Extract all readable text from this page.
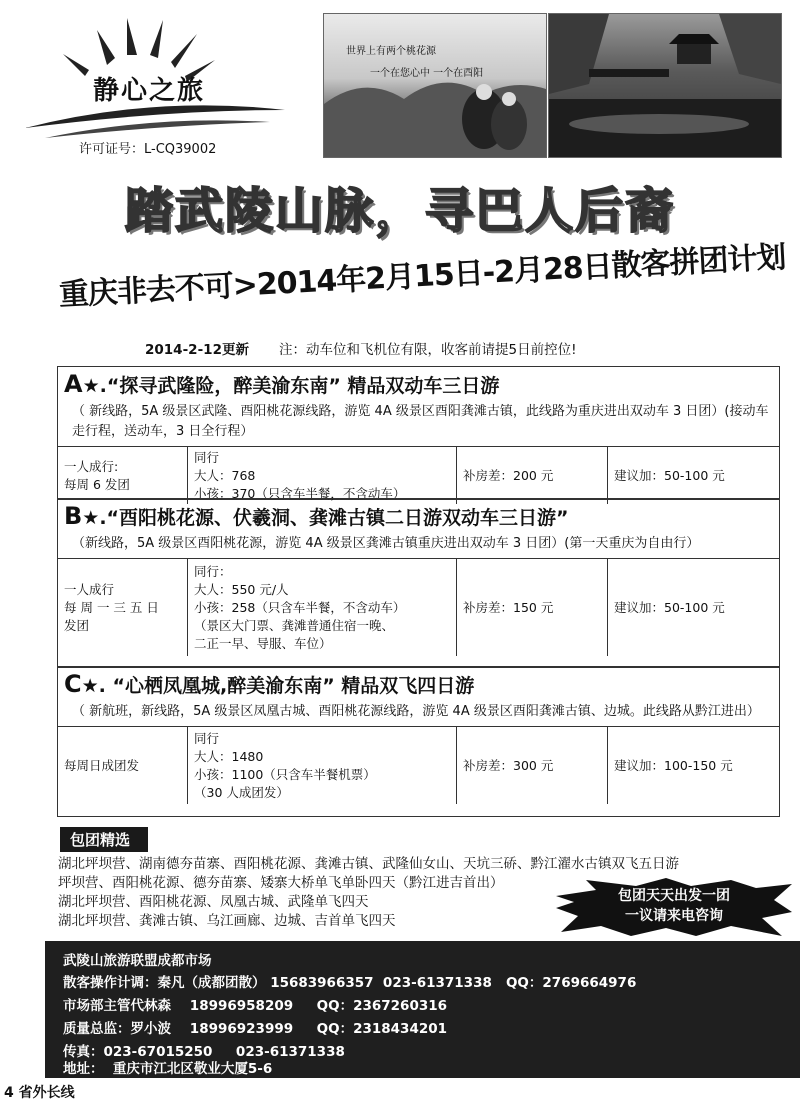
静心之旅
许可证号：L-CQ39002
世界上有两个桃花源
一个在您心中 一个在酉阳
踏武陵山脉，寻巴人后裔
重庆非去不可>2014年2月15日-2月28日散客拼团计划
2014-2-12更新 注：动车位和飞机位有限，收客前请提5日前控位!
A★.“探寻武隆险，醉美渝东南” 精品双动车三日游
（ 新线路，5A 级景区武隆、酉阳桃花源线路，游览 4A 级景区酉阳龚滩古镇，此线路为重庆进出双动车 3 日团）(接动车走行程，送动车，3 日全行程）
一人成行:
每周 6 发团
同行
大人：768
小孩：370（只含车半餐，不含动车）
补房差：200 元	建议加：50-100 元
B★.“酉阳桃花源、伏羲洞、龚滩古镇二日游双动车三日游”
（新线路，5A 级景区酉阳桃花源，游览 4A 级景区龚滩古镇重庆进出双动车 3 日团）(第一天重庆为自由行）
一人成行
每 周 一 三 五 日
发团
同行：
大人：550 元/人
小孩：258（只含车半餐，不含动车）
（景区大门票、龚滩普通住宿一晚、
二正一早、导服、车位）
补房差：150 元	建议加：50-100 元
C★. “心栖凤凰城,醉美渝东南” 精品双飞四日游
（ 新航班，新线路，5A 级景区凤凰古城、酉阳桃花源线路，游览 4A 级景区酉阳龚滩古镇、边城。此线路从黔江进出）
每周日成团发
同行
大人：1480
小孩：1100（只含车半餐机票）
（30 人成团发）
补房差：300 元	建议加：100-150 元
包团精选
湖北坪坝营、湖南德夯苗寨、酉阳桃花源、龚滩古镇、武隆仙女山、天坑三硚、黔江濯水古镇双飞五日游
坪坝营、酉阳桃花源、德夯苗寨、矮寨大桥单飞单卧四天（黔江进吉首出）
湖北坪坝营、酉阳桃花源、凤凰古城、武隆单飞四天
湖北坪坝营、龚滩古镇、乌江画廊、边城、吉首单飞四天
包团天天出发一团
一议请来电咨询
武陵山旅游联盟成都市场
散客操作计调：秦凡（成都团散） 15683966357  023-61371338   QQ：2769664976
市场部主管代林森    18996958209     QQ：2367260316
质量总监：罗小波    18996923999     QQ：2318434201
传真：023-67015250     023-61371338
地址：  重庆市江北区敬业大厦5-6
4 省外长线
